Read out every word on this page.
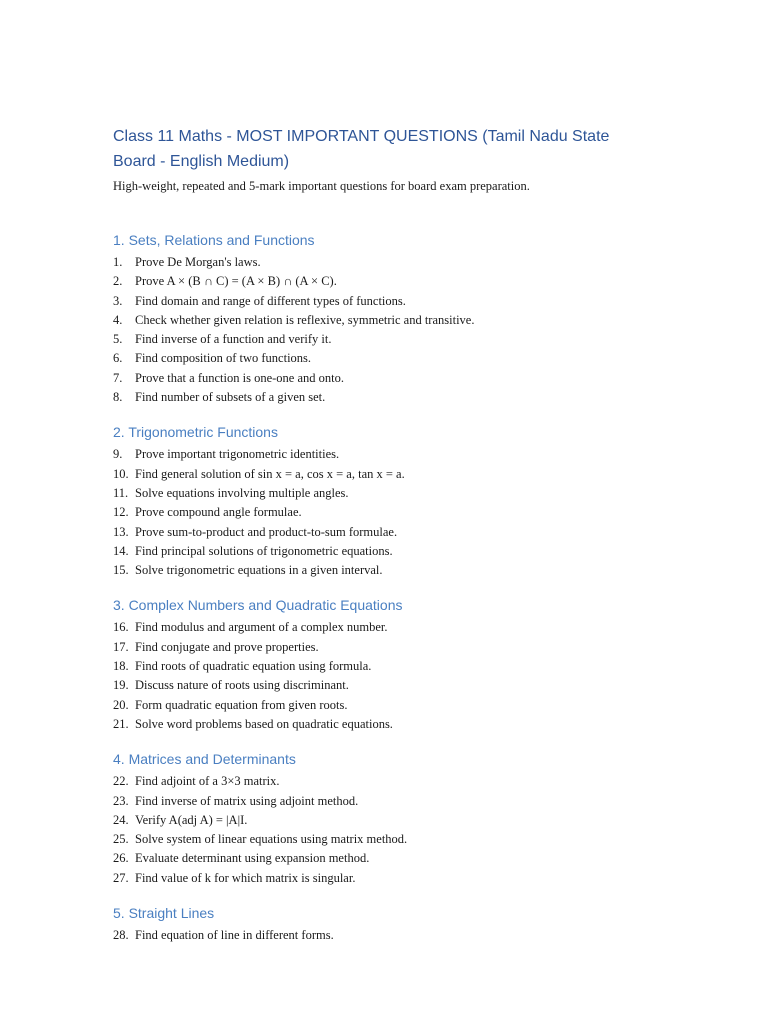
Class 11 Maths - MOST IMPORTANT QUESTIONS (Tamil Nadu State Board - English Medium)

High-weight, repeated and 5-mark important questions for board exam preparation.

1. Sets, Relations and Functions
1.	Prove De Morgan's laws.
2.	Prove A × (B ∩ C) = (A × B) ∩ (A × C).
3.	Find domain and range of different types of functions.
4.	Check whether given relation is reflexive, symmetric and transitive.
5.	Find inverse of a function and verify it.
6.	Find composition of two functions.
7.	Prove that a function is one-one and onto.
8.	Find number of subsets of a given set.
2. Trigonometric Functions
9.	Prove important trigonometric identities.
10. Find general solution of sin x = a, cos x = a, tan x = a.
11. Solve equations involving multiple angles.
12. Prove compound angle formulae.
13. Prove sum-to-product and product-to-sum formulae.
14. Find principal solutions of trigonometric equations.
15. Solve trigonometric equations in a given interval.
3. Complex Numbers and Quadratic Equations
16. Find modulus and argument of a complex number.
17. Find conjugate and prove properties.
18. Find roots of quadratic equation using formula.
19. Discuss nature of roots using discriminant.
20. Form quadratic equation from given roots.
21. Solve word problems based on quadratic equations.
4. Matrices and Determinants
22. Find adjoint of a 3×3 matrix.
23. Find inverse of matrix using adjoint method.
24. Verify A(adj A) = |A|I.
25. Solve system of linear equations using matrix method.
26. Evaluate determinant using expansion method.
27. Find value of k for which matrix is singular.
5. Straight Lines
28. Find equation of line in different forms.
